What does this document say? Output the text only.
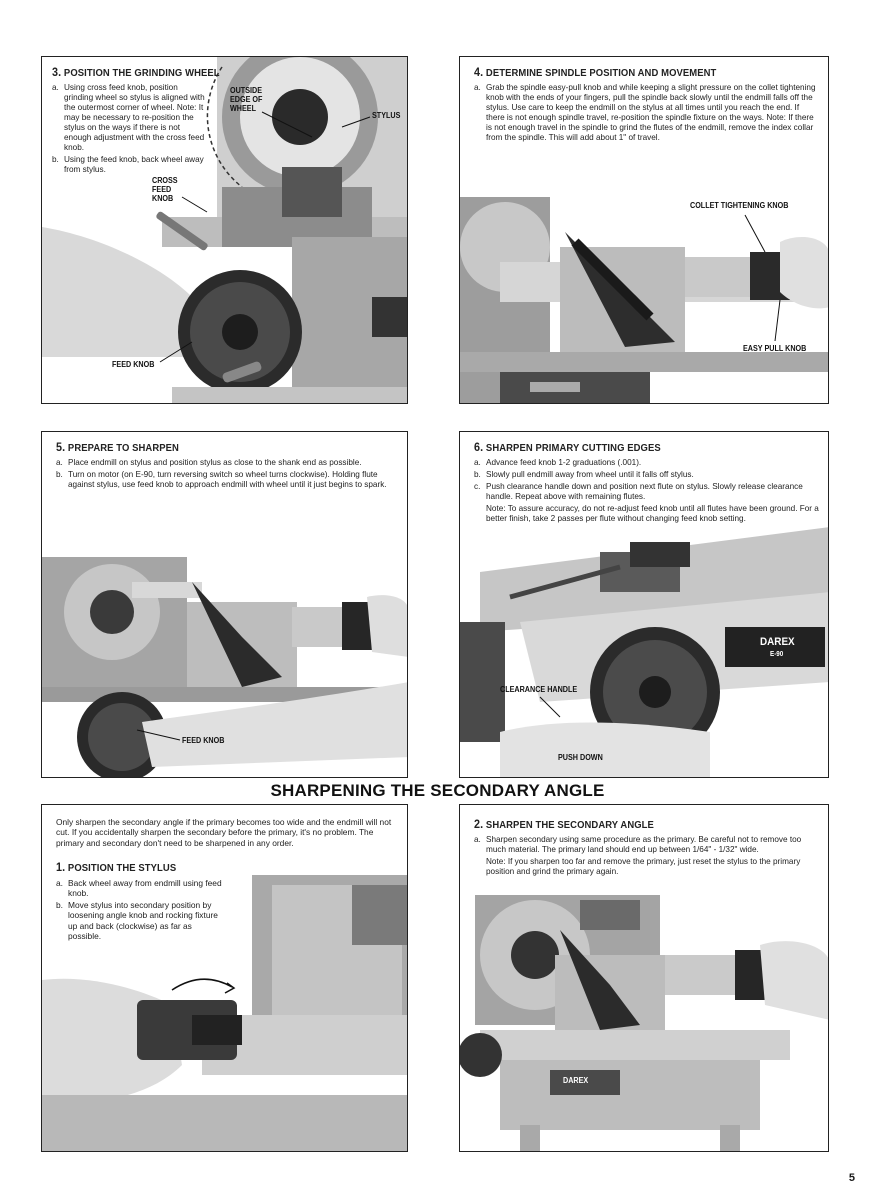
3. POSITION THE GRINDING WHEEL
a. Using cross feed knob, position grinding wheel so stylus is aligned with the outermost corner of wheel. Note: It may be necessary to re-position the stylus on the ways if there is not enough adjustment with the cross feed knob.
b. Using the feed knob, back wheel away from stylus.
OUTSIDE
EDGE OF
WHEEL
STYLUS
CROSS
FEED
KNOB
FEED KNOB
4. DETERMINE SPINDLE POSITION AND MOVEMENT
a. Grab the spindle easy-pull knob and while keeping a slight pressure on the collet tightening knob with the ends of your fingers, pull the spindle back slowly until the endmill falls off the stylus. Use care to keep the endmill on the stylus at all times until you reach the end. If there is not enough spindle travel, re-position the spindle fixture on the ways. Note: If there is not enough travel in the spindle to grind the flutes of the endmill, remove the index collar from the spindle. This will add about 1" of travel.
COLLET TIGHTENING KNOB
EASY PULL KNOB
5. PREPARE TO SHARPEN
a. Place endmill on stylus and position stylus as close to the shank end as possible.
b. Turn on motor (on E-90, turn reversing switch so wheel turns clockwise). Holding flute against stylus, use feed knob to approach endmill with wheel until it just begins to spark.
FEED KNOB
6. SHARPEN PRIMARY CUTTING EDGES
a. Advance feed knob 1-2 graduations (.001).
b. Slowly pull endmill away from wheel until it falls off stylus.
c. Push clearance handle down and position next flute on stylus. Slowly release clearance handle. Repeat above with remaining flutes.
Note: To assure accuracy, do not re-adjust feed knob until all flutes have been ground. For a better finish, take 2 passes per flute without changing feed knob setting.
DAREX
E-90
CLEARANCE HANDLE
PUSH DOWN
SHARPENING THE SECONDARY ANGLE
Only sharpen the secondary angle if the primary becomes too wide and the endmill will not cut. If you accidentally sharpen the secondary before the primary, it's no problem. The primary and secondary don't need to be sharpened in any order.
1. POSITION THE STYLUS
a. Back wheel away from endmill using feed knob.
b. Move stylus into secondary position by loosening angle knob and rocking fixture up and back (clockwise) as far as possible.
2. SHARPEN THE SECONDARY ANGLE
a. Sharpen secondary using same procedure as the primary. Be careful not to remove too much material. The primary land should end up between 1/64" - 1/32" wide.
Note: If you sharpen too far and remove the primary, just reset the stylus to the primary position and grind the primary again.
DAREX
5
